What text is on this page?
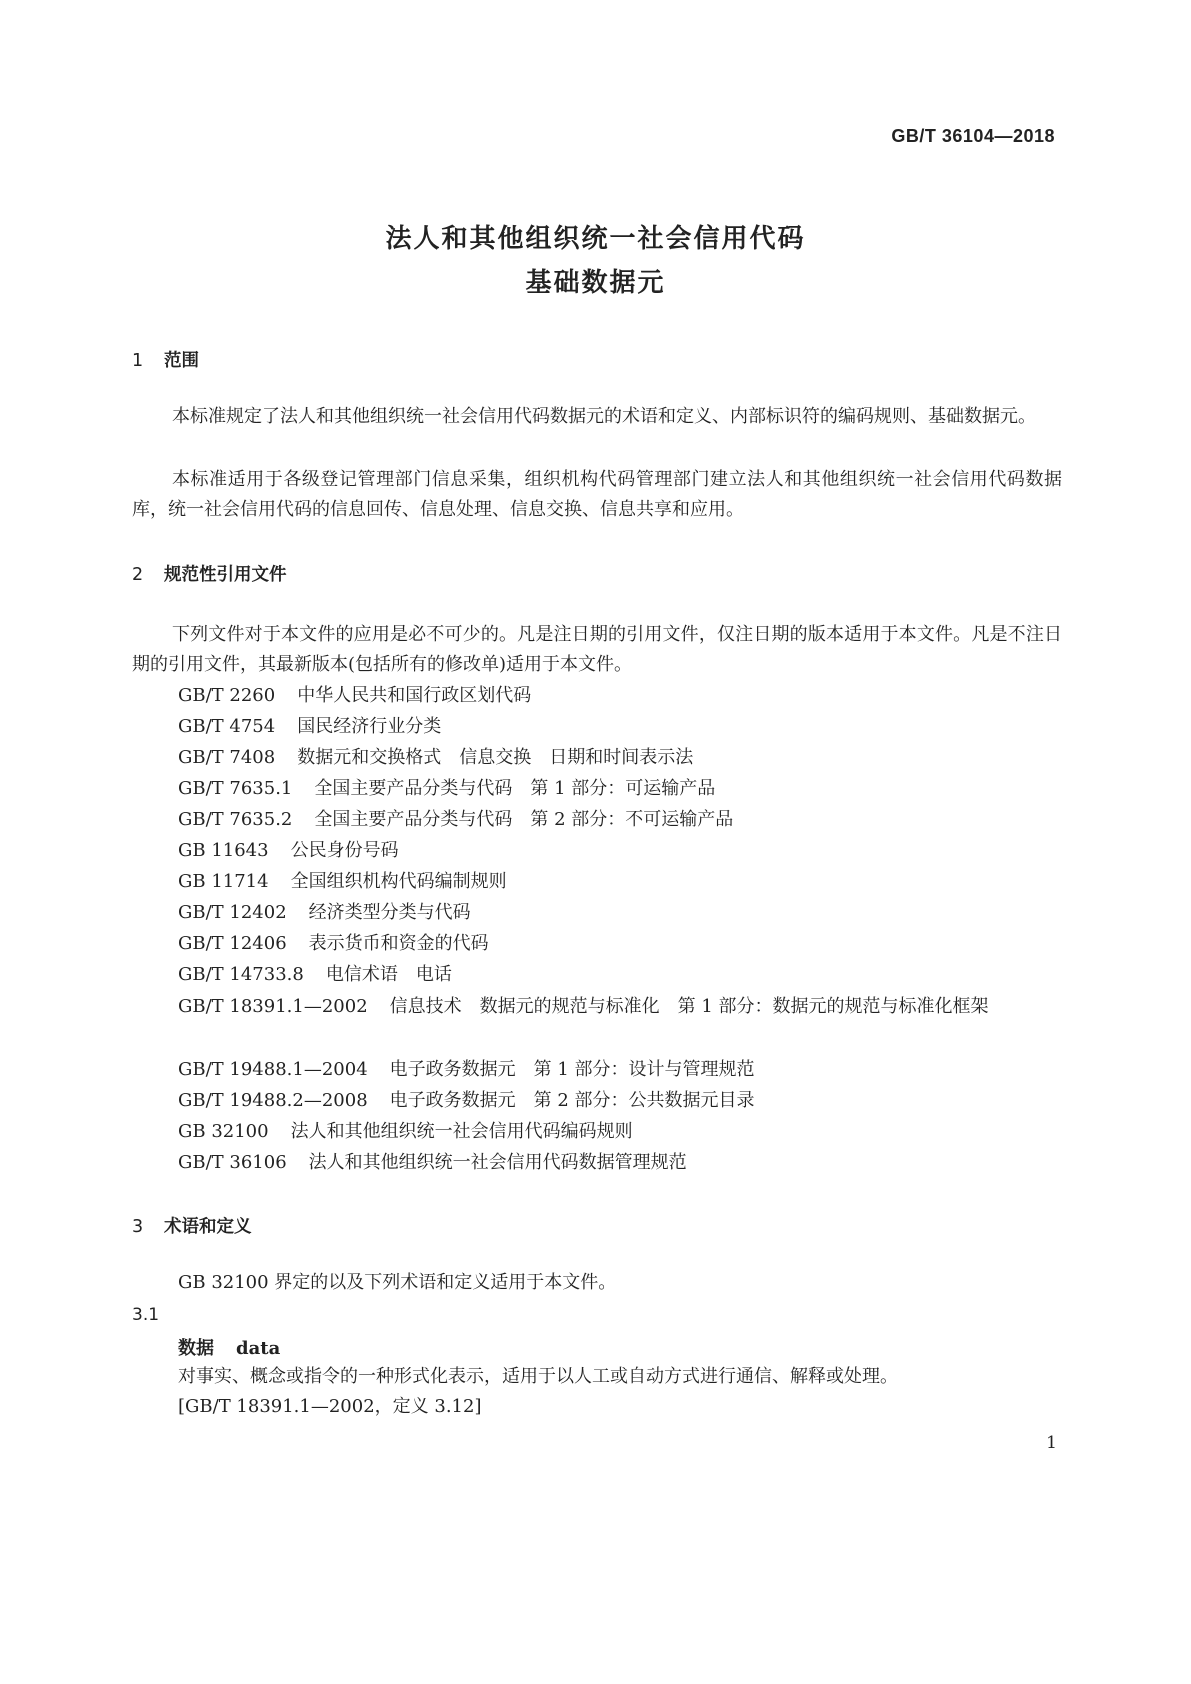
GB/T 36104—2018
法人和其他组织统一社会信用代码
基础数据元
1 范围

本标准规定了法人和其他组织统一社会信用代码数据元的术语和定义、内部标识符的编码规则、基础数据元。

本标准适用于各级登记管理部门信息采集，组织机构代码管理部门建立法人和其他组织统一社会信用代码数据库，统一社会信用代码的信息回传、信息处理、信息交换、信息共享和应用。

2 规范性引用文件

下列文件对于本文件的应用是必不可少的。凡是注日期的引用文件，仅注日期的版本适用于本文件。凡是不注日期的引用文件，其最新版本(包括所有的修改单)适用于本文件。

GB/T 2260 中华人民共和国行政区划代码
GB/T 4754 国民经济行业分类
GB/T 7408 数据元和交换格式　信息交换　日期和时间表示法
GB/T 7635.1 全国主要产品分类与代码　第 1 部分：可运输产品
GB/T 7635.2 全国主要产品分类与代码　第 2 部分：不可运输产品
GB 11643 公民身份号码
GB 11714 全国组织机构代码编制规则
GB/T 12402 经济类型分类与代码
GB/T 12406 表示货币和资金的代码
GB/T 14733.8 电信术语　电话

GB/T 18391.1—2002 信息技术　数据元的规范与标准化　第 1 部分：数据元的规范与标准化框架

GB/T 19488.1—2004 电子政务数据元　第 1 部分：设计与管理规范
GB/T 19488.2—2008 电子政务数据元　第 2 部分：公共数据元目录
GB 32100 法人和其他组织统一社会信用代码编码规则
GB/T 36106 法人和其他组织统一社会信用代码数据管理规范
3 术语和定义
GB 32100 界定的以及下列术语和定义适用于本文件。
3.1
数据 data
对事实、概念或指令的一种形式化表示，适用于以人工或自动方式进行通信、解释或处理。
[GB/T 18391.1—2002，定义 3.12]
1
